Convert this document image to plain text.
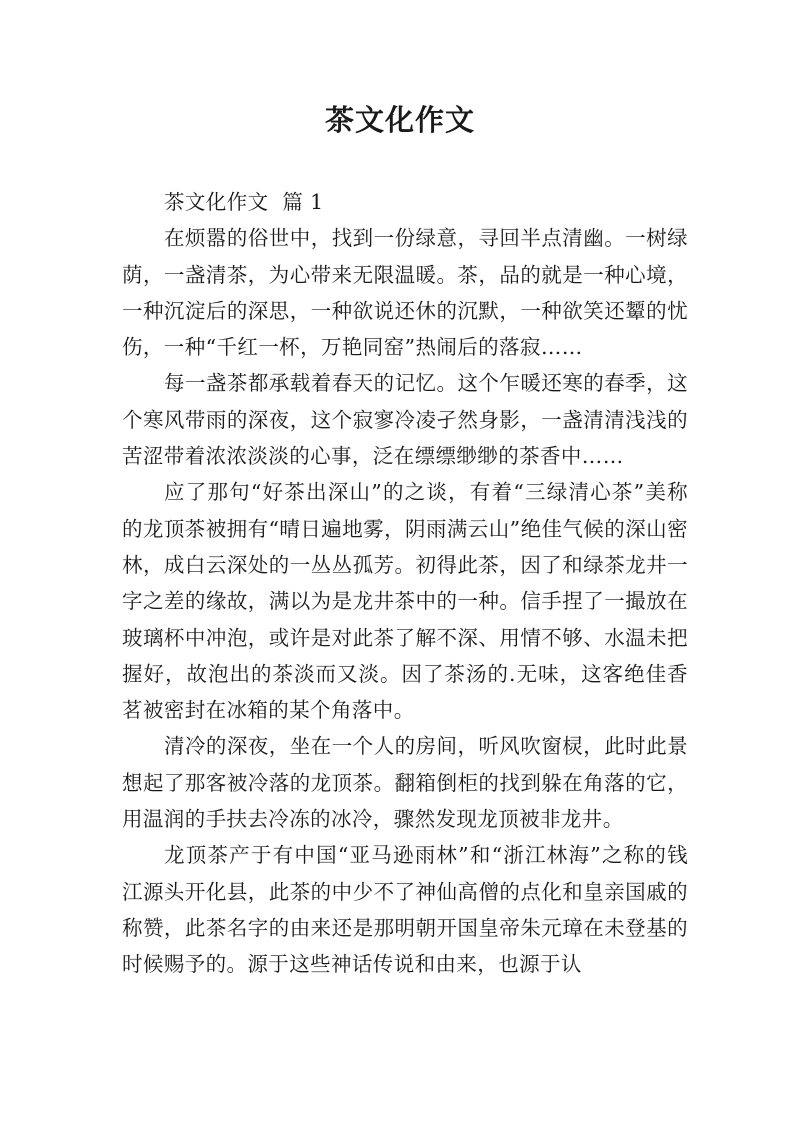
茶文化作文

茶文化作文  篇 1

在烦嚣的俗世中，找到一份绿意，寻回半点清幽。一树绿荫，一盏清茶，为心带来无限温暖。茶，品的就是一种心境，一种沉淀后的深思，一种欲说还休的沉默，一种欲笑还颦的忧伤，一种“千红一杯，万艳同窑”热闹后的落寂……

每一盏茶都承载着春天的记忆。这个乍暖还寒的春季，这个寒风带雨的深夜，这个寂寥冷凌孑然身影，一盏清清浅浅的苦涩带着浓浓淡淡的心事，泛在缥缥缈缈的茶香中……

应了那句“好茶出深山”的之谈，有着“三绿清心茶”美称的龙顶茶被拥有“晴日遍地雾，阴雨满云山”绝佳气候的深山密林，成白云深处的一丛丛孤芳。初得此茶，因了和绿茶龙井一字之差的缘故，满以为是龙井茶中的一种。信手捏了一撮放在玻璃杯中冲泡，或许是对此茶了解不深、用情不够、水温未把握好，故泡出的茶淡而又淡。因了茶汤的.无味，这客绝佳香茗被密封在冰箱的某个角落中。

清冷的深夜，坐在一个人的房间，听风吹窗棂，此时此景想起了那客被冷落的龙顶茶。翻箱倒柜的找到躲在角落的它，用温润的手扶去冷冻的冰冷，骤然发现龙顶被非龙井。

龙顶茶产于有中国“亚马逊雨林”和“浙江林海”之称的钱江源头开化县，此茶的中少不了神仙高僧的点化和皇亲国戚的称赞，此茶名字的由来还是那明朝开国皇帝朱元璋在未登基的时候赐予的。源于这些神话传说和由来，也源于认
